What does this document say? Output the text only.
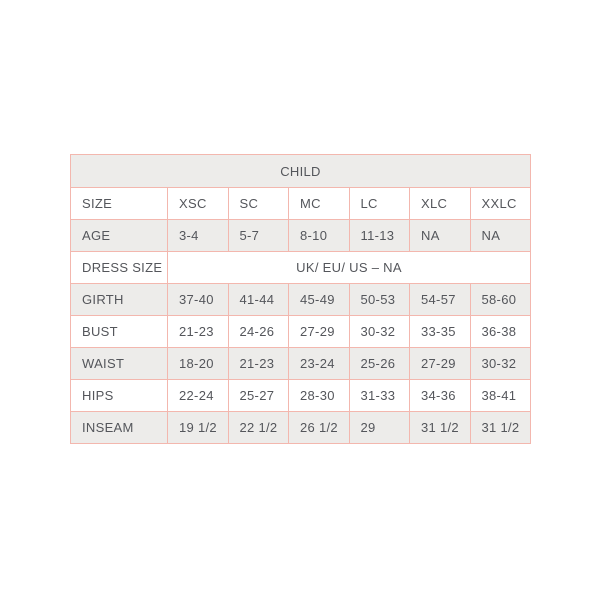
CHILD						
SIZE	XSC	SC	MC	LC	XLC	XXLC
AGE	3-4	5-7	8-10	11-13	NA	NA
DRESS SIZE	UK/ EU/ US – NA					
GIRTH	37-40	41-44	45-49	50-53	54-57	58-60
BUST	21-23	24-26	27-29	30-32	33-35	36-38
WAIST	18-20	21-23	23-24	25-26	27-29	30-32
HIPS	22-24	25-27	28-30	31-33	34-36	38-41
INSEAM	19 1/2	22 1/2	26 1/2	29	31 1/2	31 1/2
